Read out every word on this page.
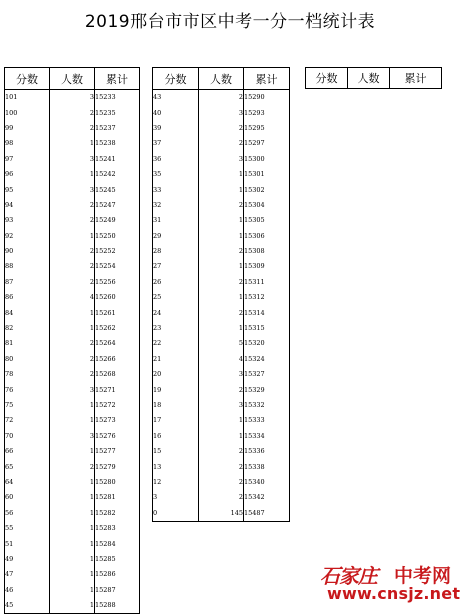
2019邢台市市区中考一分一档统计表
分数	人数	累计
101	3	15233
100	2	15235
99	2	15237
98	1	15238
97	3	15241
96	1	15242
95	3	15245
94	2	15247
93	2	15249
92	1	15250
90	2	15252
88	2	15254
87	2	15256
86	4	15260
84	1	15261
82	1	15262
81	2	15264
80	2	15266
78	2	15268
76	3	15271
75	1	15272
72	1	15273
70	3	15276
66	1	15277
65	2	15279
64	1	15280
60	1	15281
56	1	15282
55	1	15283
51	1	15284
49	1	15285
47	1	15286
46	1	15287
45	1	15288
分数	人数	累计
43	2	15290
40	3	15293
39	2	15295
37	2	15297
36	3	15300
35	1	15301
33	1	15302
32	2	15304
31	1	15305
29	1	15306
28	2	15308
27	1	15309
26	2	15311
25	1	15312
24	2	15314
23	1	15315
22	5	15320
21	4	15324
20	3	15327
19	2	15329
18	3	15332
17	1	15333
16	1	15334
15	2	15336
13	2	15338
12	2	15340
3	2	15342
0	145	15487
分数	人数	累计
石家庄 中考网
www.cnsjz.net
